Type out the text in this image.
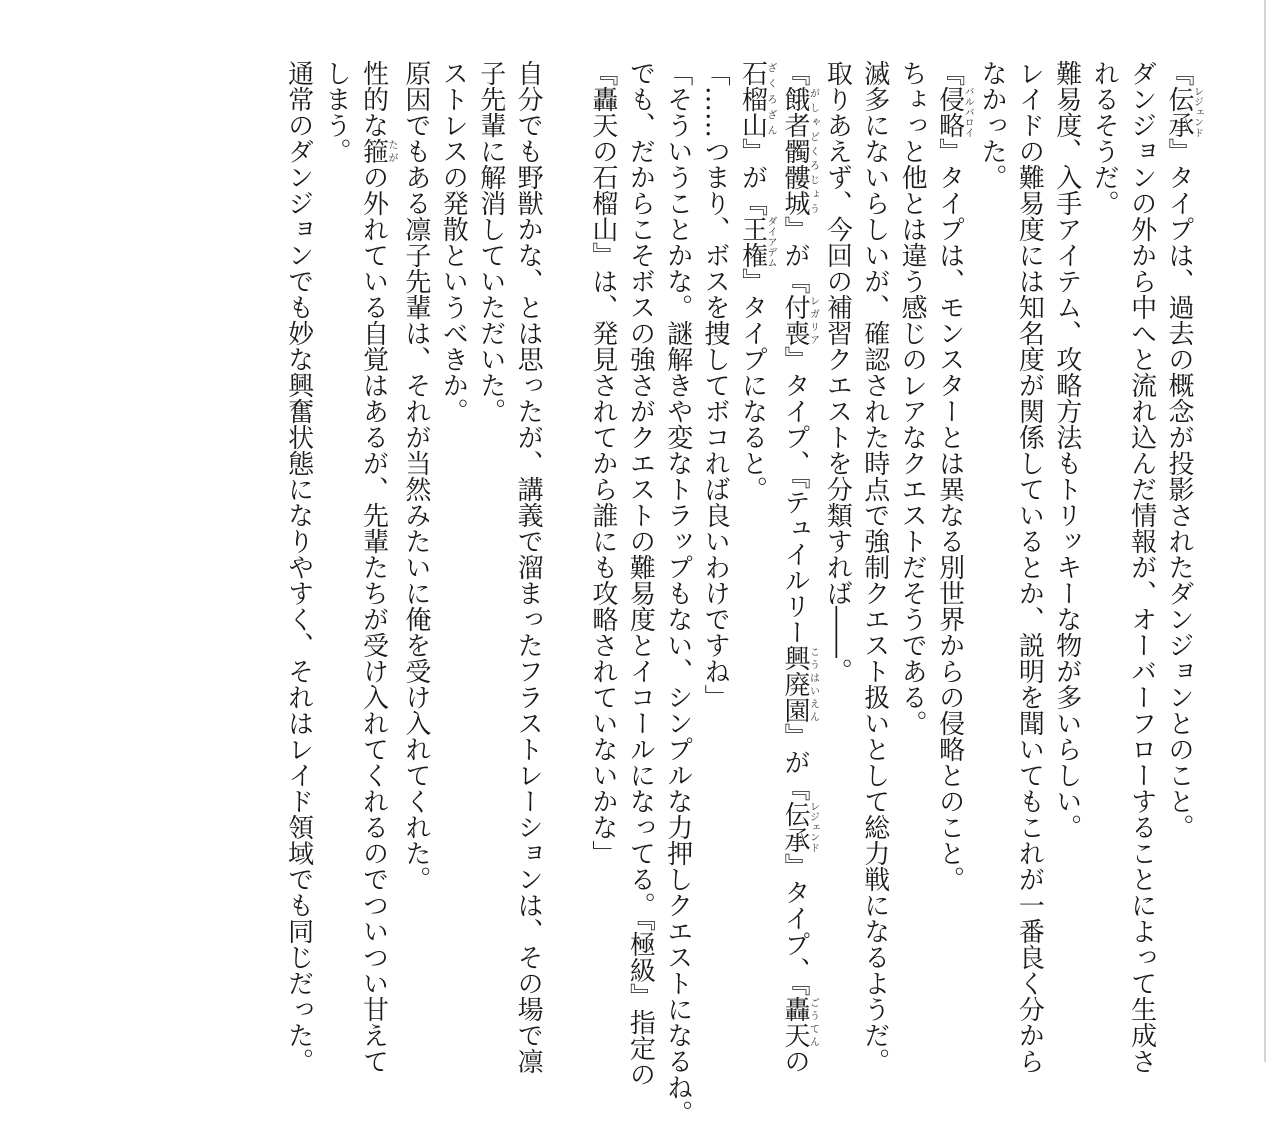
『伝承レジェンド』タイプは、過去の概念が投影されたダンジョンとのこと。

ダンジョンの外から中へと流れ込んだ情報が、オーバーフローすることによって生成さ

れるそうだ。

難易度、入手アイテム、攻略方法もトリッキーな物が多いらしい。

レイドの難易度には知名度が関係しているとか、説明を聞いてもこれが一番良く分から

なかった。

『侵略バルバロイ』タイプは、モンスターとは異なる別世界からの侵略とのこと。

ちょっと他とは違う感じのレアなクエストだそうである。

滅多にないらしいが、確認された時点で強制クエスト扱いとして総力戦になるようだ。

取りあえず、今回の補習クエストを分類すれば――。

『餓者髑髏城がしゃどくろじょう』が『付喪レガリア』タイプ、『テュイルリー興廃園こうはいえん』が『伝承レジェンド』タイプ、『轟天ごうてんの

石榴山ざくろざん』が『王権ダイアデム』タイプになると。

「……つまり、ボスを捜してボコれば良いわけですね」

「そういうことかな。謎解きや変なトラップもない、シンプルな力押しクエストになるね。

でも、だからこそボスの強さがクエストの難易度とイコールになってる。『極級』指定の

『轟天の石榴山』は、発見されてから誰にも攻略されていないかな」

自分でも野獣かな、とは思ったが、講義で溜まったフラストレーションは、その場で凛

子先輩に解消していただいた。

ストレスの発散というべきか。

原因でもある凛子先輩は、それが当然みたいに俺を受け入れてくれた。

性的な箍たがの外れている自覚はあるが、先輩たちが受け入れてくれるのでついつい甘えて

しまう。

通常のダンジョンでも妙な興奮状態になりやすく、それはレイド領域でも同じだった。
